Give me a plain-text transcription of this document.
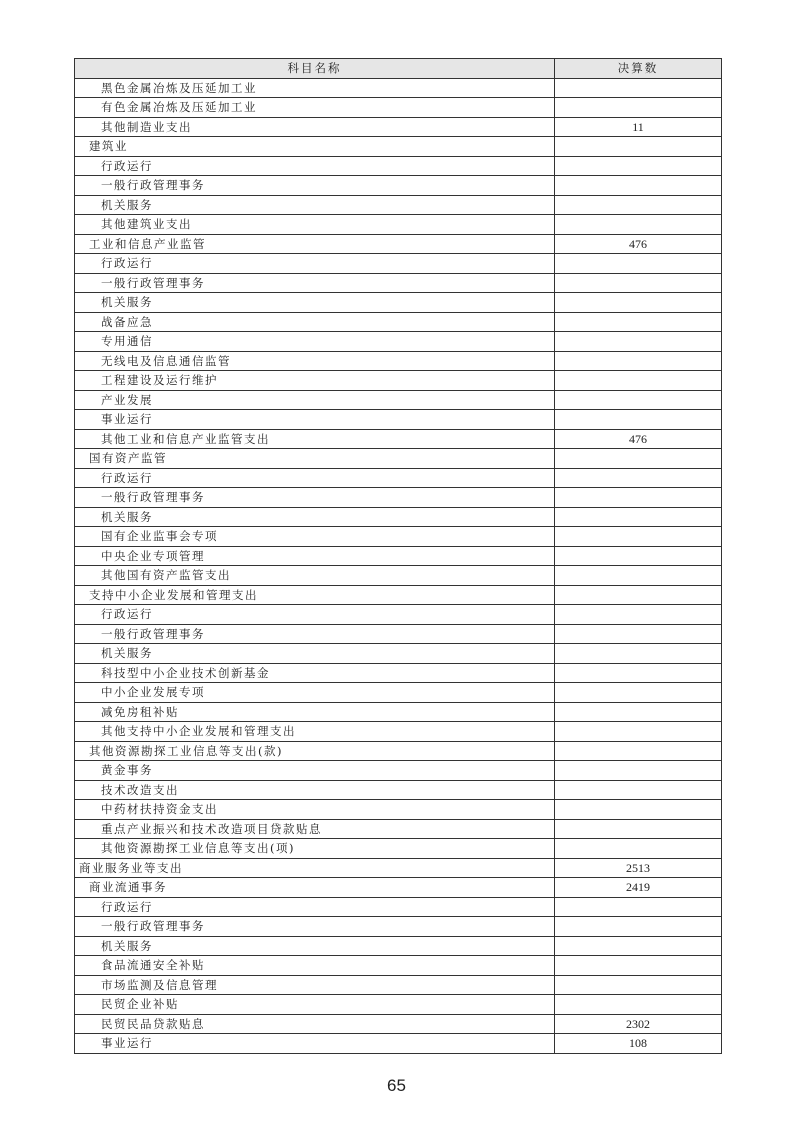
科目名称	决算数
黑色金属冶炼及压延加工业	
有色金属冶炼及压延加工业	
其他制造业支出	11
建筑业	
行政运行	
一般行政管理事务	
机关服务	
其他建筑业支出	
工业和信息产业监管	476
行政运行	
一般行政管理事务	
机关服务	
战备应急	
专用通信	
无线电及信息通信监管	
工程建设及运行维护	
产业发展	
事业运行	
其他工业和信息产业监管支出	476
国有资产监管	
行政运行	
一般行政管理事务	
机关服务	
国有企业监事会专项	
中央企业专项管理	
其他国有资产监管支出	
支持中小企业发展和管理支出	
行政运行	
一般行政管理事务	
机关服务	
科技型中小企业技术创新基金	
中小企业发展专项	
减免房租补贴	
其他支持中小企业发展和管理支出	
其他资源勘探工业信息等支出(款)	
黄金事务	
技术改造支出	
中药材扶持资金支出	
重点产业振兴和技术改造项目贷款贴息	
其他资源勘探工业信息等支出(项)	
商业服务业等支出	2513
商业流通事务	2419
行政运行	
一般行政管理事务	
机关服务	
食品流通安全补贴	
市场监测及信息管理	
民贸企业补贴	
民贸民品贷款贴息	2302
事业运行	108
65
